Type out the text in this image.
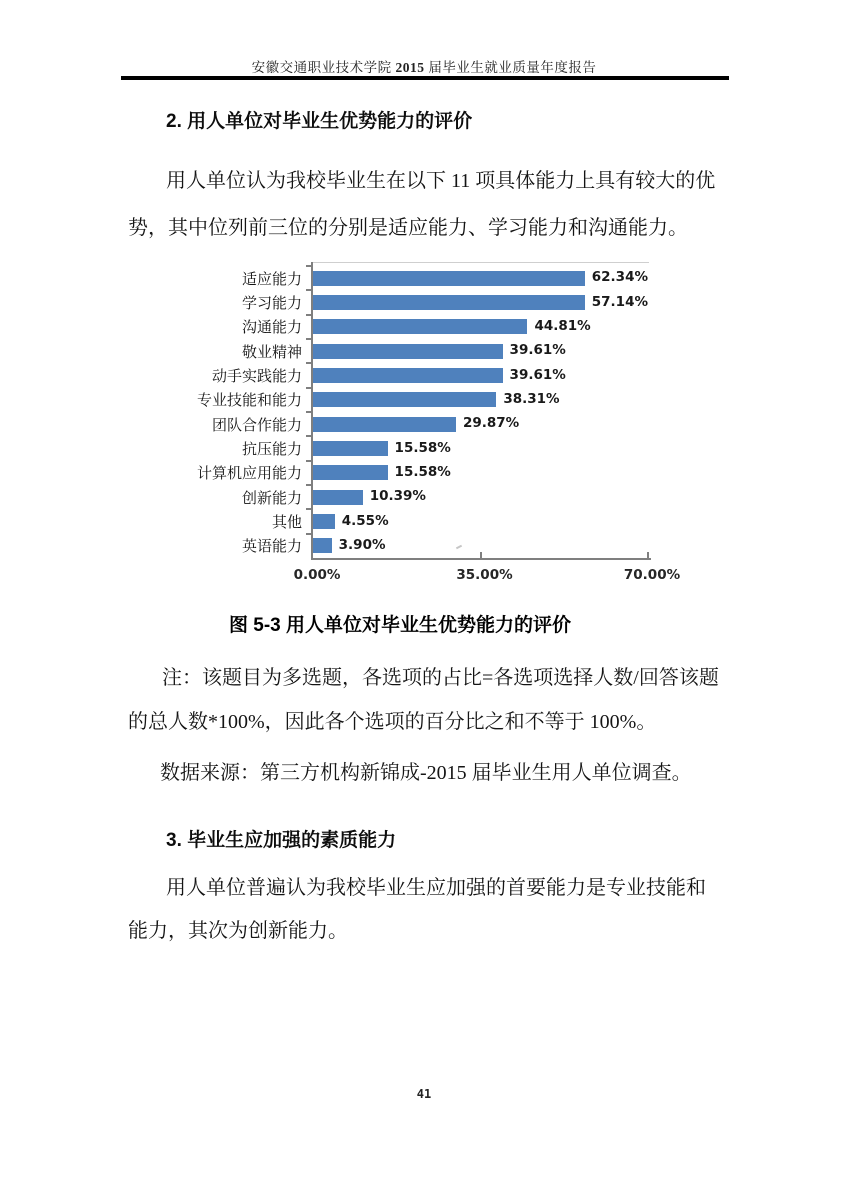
安徽交通职业技术学院 2015 届毕业生就业质量年度报告
2. 用人单位对毕业生优势能力的评价
用人单位认为我校毕业生在以下 11 项具体能力上具有较大的优
势，其中位列前三位的分别是适应能力、学习能力和沟通能力。
适应能力
学习能力
沟通能力
敬业精神
动手实践能力
专业技能和能力
团队合作能力
抗压能力
计算机应用能力
创新能力
其他
英语能力
62.34%
57.14%
44.81%
39.61%
39.61%
38.31%
29.87%
15.58%
15.58%
10.39%
4.55%
3.90%
0.00%	35.00%	70.00%
图 5-3 用人单位对毕业生优势能力的评价
注：该题目为多选题，各选项的占比=各选项选择人数/回答该题
的总人数*100%，因此各个选项的百分比之和不等于 100%。
数据来源：第三方机构新锦成-2015 届毕业生用人单位调查。
3. 毕业生应加强的素质能力
用人单位普遍认为我校毕业生应加强的首要能力是专业技能和
能力，其次为创新能力。
41
